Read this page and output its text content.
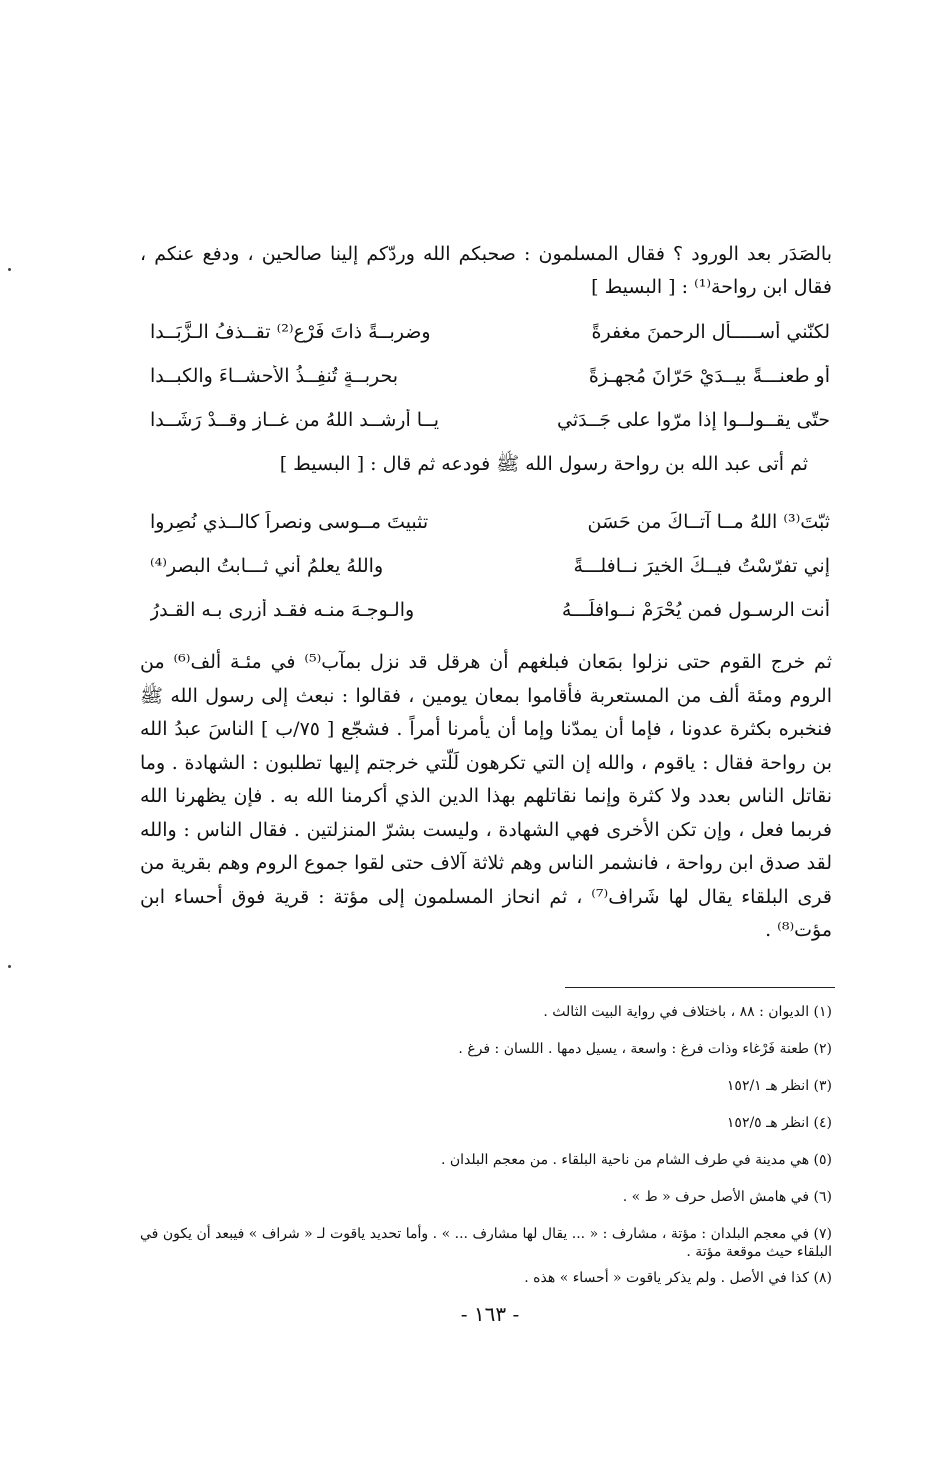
بالصَدَر بعد الورود ؟ فقال المسلمون : صحبكم الله وردّكم إلينا صالحين ، ودفع عنكم ، فقال ابن رواحة⁽¹⁾ : [ البسيط ]

لكنّني أســـــأل الرحمنَ مغفرةً
وضربــةً ذاتَ فَرْعٍ⁽²⁾ تقــذفُ الـزَّبَــدا
أو طعنـــةً بيــدَيْ حَرّانَ مُجهـزةً
بحربــةٍ تُنفِــذُ الأحشــاءَ والكبــدا
حتّى يقــولــوا إذا مرّوا على جَــدَثي
يــا أرشــد اللهُ من غــازٍ وقــدْ رَشَــدا
ثم أتى عبد الله بن رواحة رسول الله ﷺ فودعه ثم قال : [ البسيط ]
ثبّتَ⁽³⁾ اللهُ مــا آتــاكَ من حَسَنٍ
تثبيتَ مــوسى ونصراً كالــذي نُصِروا
إني تفرّسْتُ فيــكَ الخيرَ نــافلـــةً
واللهُ يعلمُ أني ثـــابتُ البصرِ⁽⁴⁾
أنت الرسـول فمن يُحْرَمْ نــوافلَـــهُ
والـوجـهَ منـه فقـد أزرى بـه القـدرُ

ثم خرج القوم حتى نزلوا بمَعان فبلغهم أن هرقل قد نزل بمآب⁽⁵⁾ في مئـة ألف⁽⁶⁾ من الروم ومئة ألف من المستعربة فأقاموا بمعان يومين ، فقالوا : نبعث إلى رسول الله ﷺ فنخبره بكثرة عدونا ، فإما أن يمدّنا وإما أن يأمرنا أمراً . فشجّع [ ٧٥/ب ] الناسَ عبدُ الله بن رواحة فقال : ياقوم ، والله إن التي تكرهون لَلّتي خرجتم إليها تطلبون : الشهادة . وما نقاتل الناس بعدد ولا كثرة وإنما نقاتلهم بهذا الدين الذي أكرمنا الله به . فإن يظهرنا الله فربما فعل ، وإن تكن الأخرى فهي الشهادة ، وليست بشرّ المنزلتين . فقال الناس : والله لقد صدق ابن رواحة ، فانشمر الناس وهم ثلاثة آلاف حتى لقوا جموع الروم وهم بقرية من قرى البلقاء يقال لها شَراف⁽⁷⁾ ، ثم انحاز المسلمون إلى مؤتة : قرية فوق أحساء ابن مؤت⁽⁸⁾ .

(١) الديوان : ٨٨ ، باختلاف في رواية البيت الثالث .

(٢) طعنة فَرْغاء وذات فرغ : واسعة ، يسيل دمها . اللسان : فرغ .

(٣) انظر هـ ١٥٢/١

(٤) انظر هـ ١٥٢/٥

(٥) هي مدينة في طرف الشام من ناحية البلقاء . من معجم البلدان .

(٦) في هامش الأصل حرف « ط » .

(٧) في معجم البلدان : مؤتة ، مشارف : « ... يقال لها مشارف ... » . وأما تحديد ياقوت لـ « شراف » فيبعد أن يكون في البلقاء حيث موقعة مؤتة .

(٨) كذا في الأصل . ولم يذكر ياقوت « أحساء » هذه .

- ١٦٣ -
